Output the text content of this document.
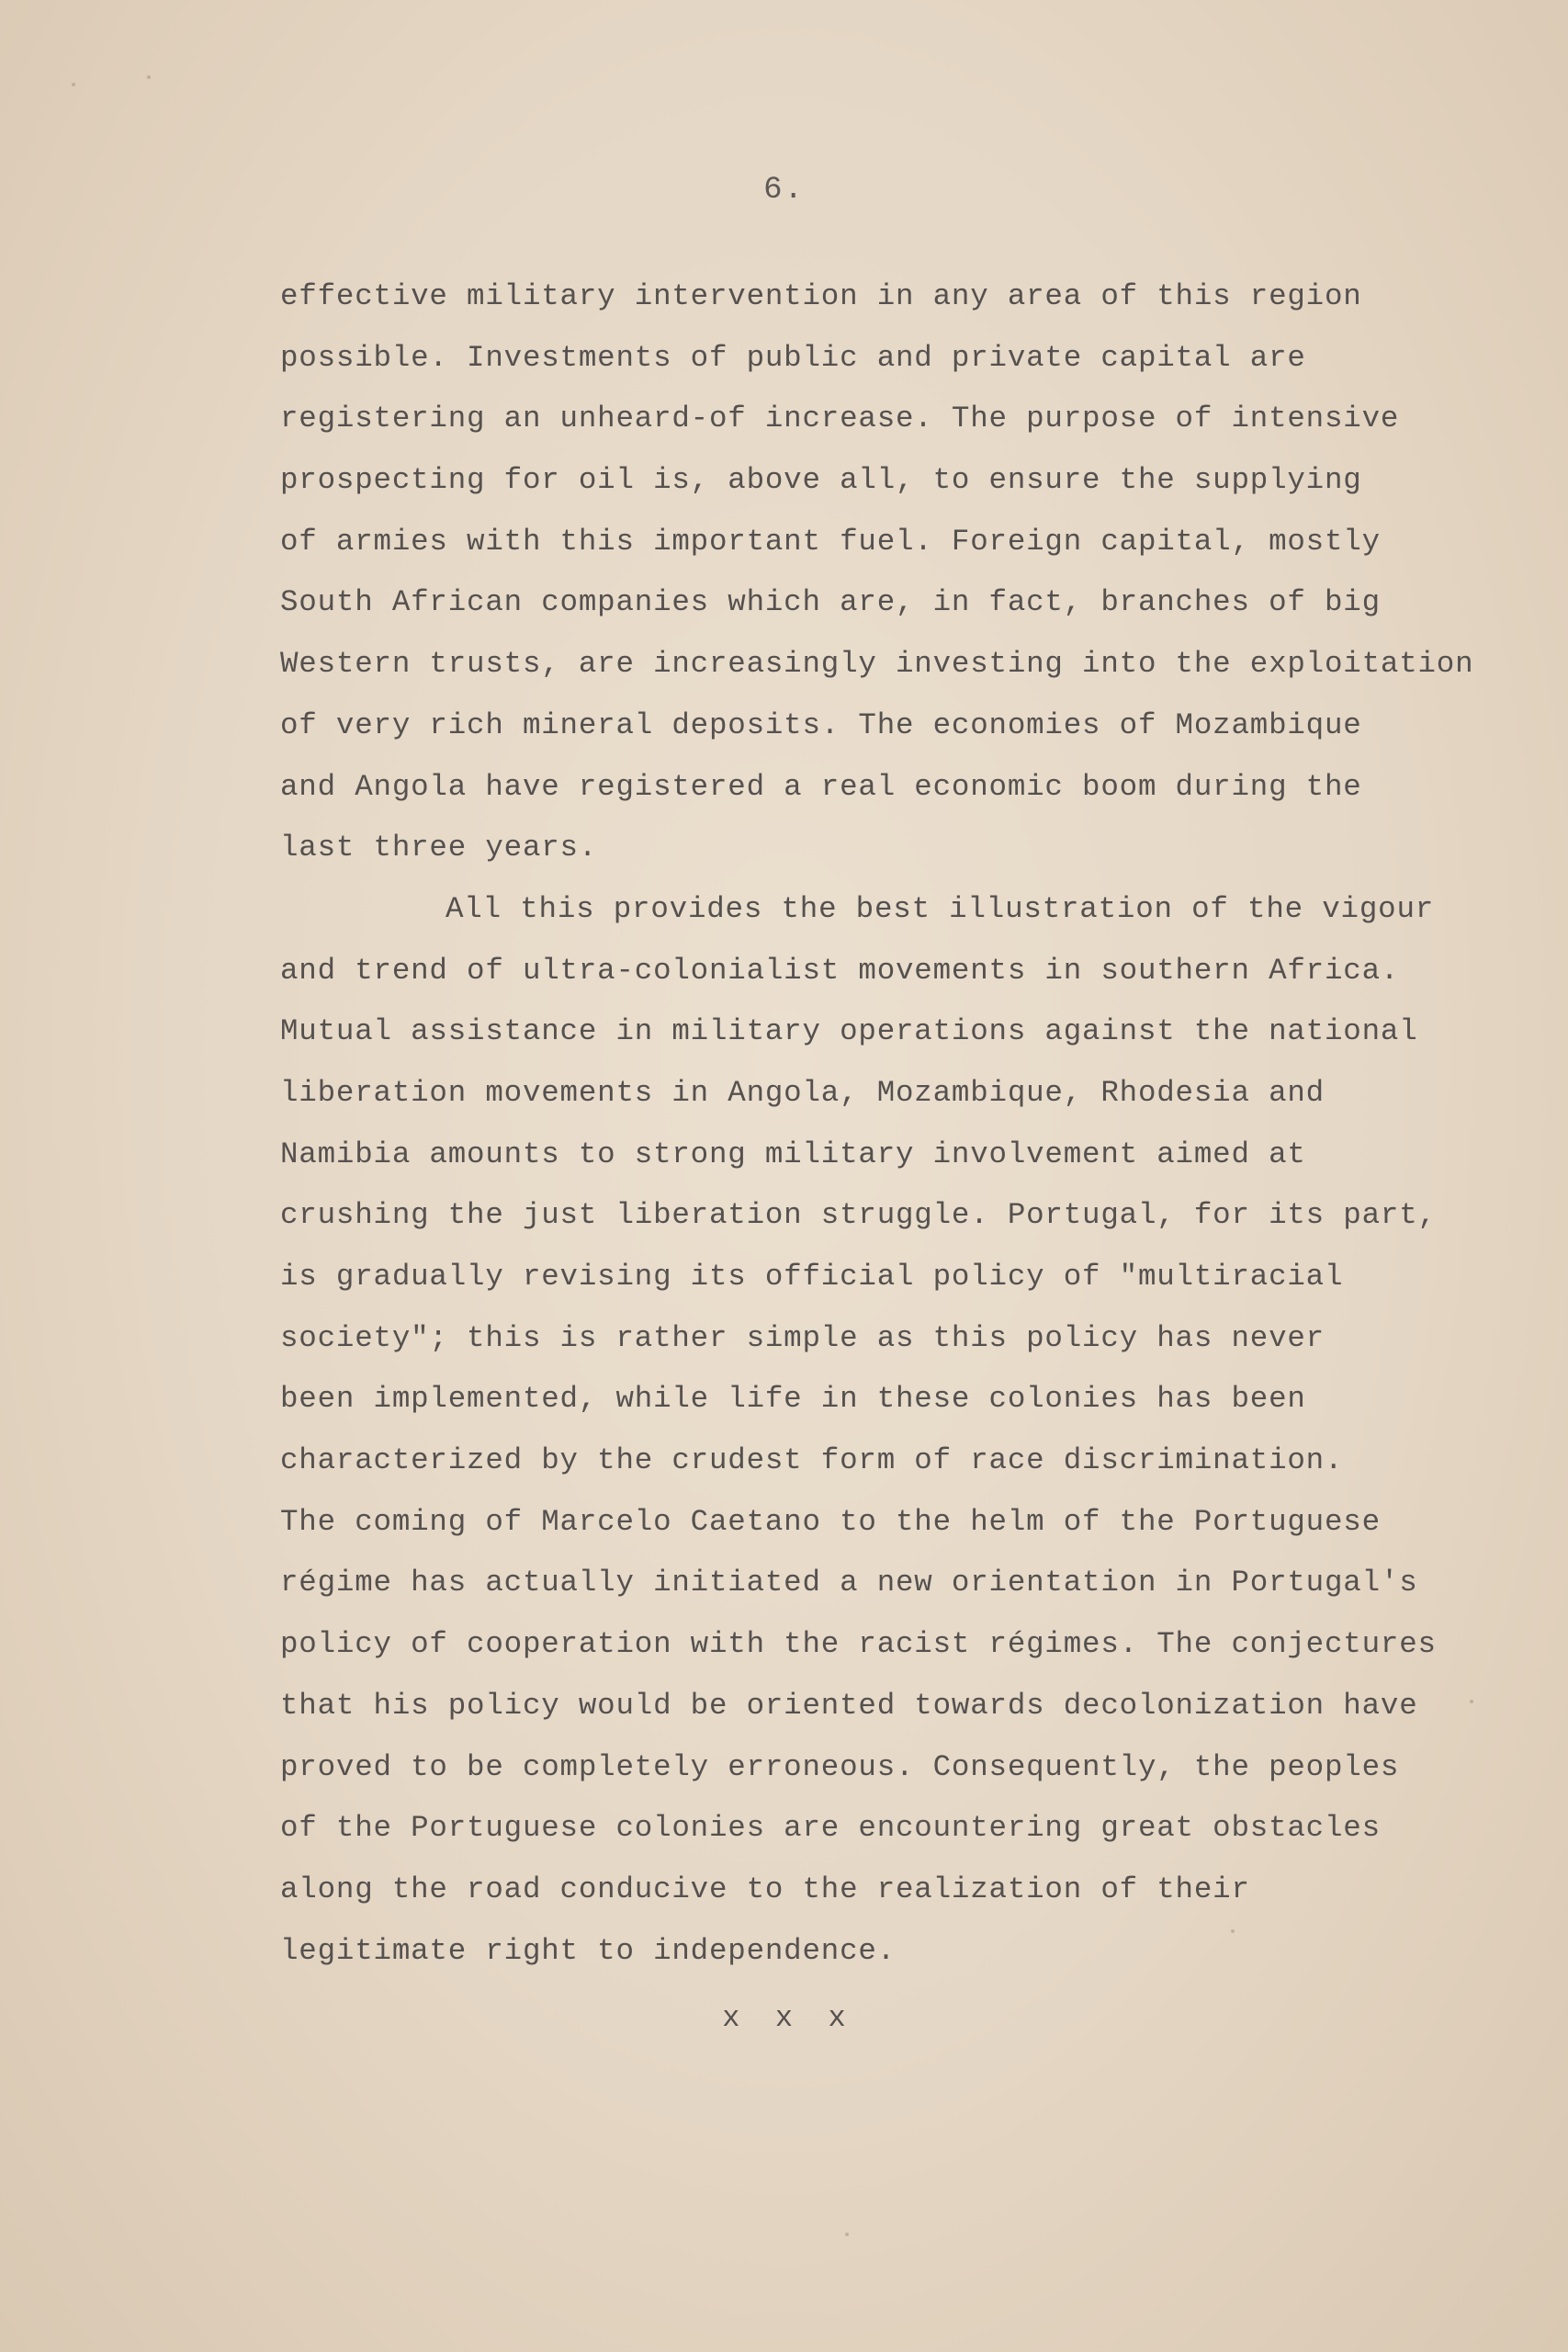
6.
effective military intervention in any area of this region
possible. Investments of public and private capital are
registering an unheard-of increase. The purpose of intensive
prospecting for oil is, above all, to ensure the supplying
of armies with this important fuel. Foreign capital, mostly
South African companies which are, in fact, branches of big
Western trusts, are increasingly investing into the exploitation
of very rich mineral deposits. The economies of Mozambique
and Angola have registered a real economic boom during the
last three years.
All this provides the best illustration of the vigour
and trend of ultra-colonialist movements in southern Africa.
Mutual assistance in military operations against the national
liberation movements in Angola, Mozambique, Rhodesia and
Namibia amounts to strong military involvement aimed at
crushing the just liberation struggle. Portugal, for its part,
is gradually revising its official policy of "multiracial
society"; this is rather simple as this policy has never
been implemented, while life in these colonies has been
characterized by the crudest form of race discrimination.
The coming of Marcelo Caetano to the helm of the Portuguese
régime has actually initiated a new orientation in Portugal's
policy of cooperation with the racist régimes. The conjectures
that his policy would be oriented towards decolonization have
proved to be completely erroneous. Consequently, the peoples
of the Portuguese colonies are encountering great obstacles
along the road conducive to the realization of their
legitimate right to independence.
x  x  x
